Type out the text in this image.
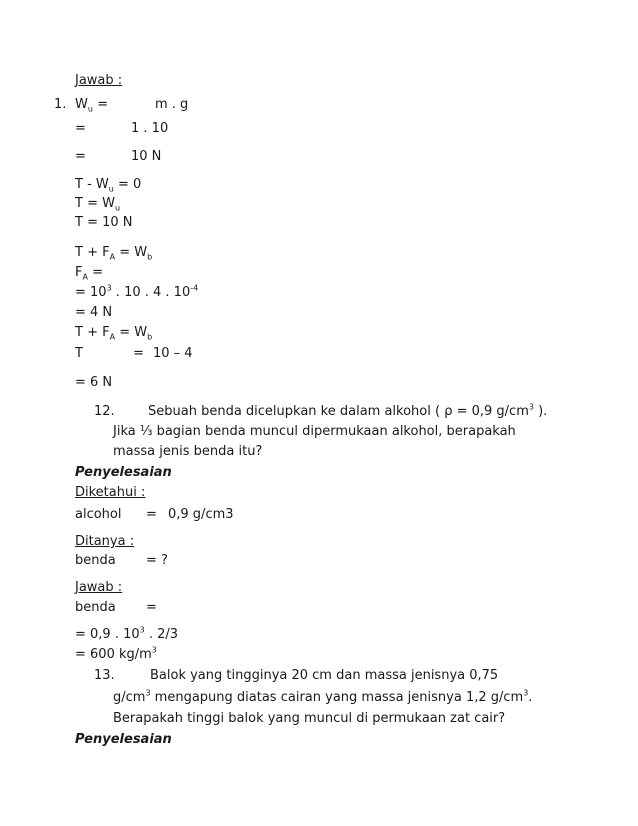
Jawab :
1. $W_u$ =	m . g
=	1 . 10
=	10 N
$T - W_u = 0$
$T = W_u$
T = 10 N
$T + F_A = W_b$
$F_A$ =
= $10^3$ . 10 . 4 . $10^{-4}$
= 4 N
$T + F_A = W_b$
T	= 10 – 4
= 6 N
12.	Sebuah benda dicelupkan ke dalam alkohol ( ρ = 0,9 $g/cm^3$ ).
Jika ⅓ bagian benda muncul dipermukaan alkohol, berapakah
massa jenis benda itu?
Penyelesaian
Diketahui :
alcohol = 0,9 g/cm3
Ditanya :
benda = ?
Jawab :
benda =
= 0,9 . $10^3$ . 2/3
= 600 $kg/m^3$
13.	Balok yang tingginya 20 cm dan massa jenisnya 0,75
$g/cm^3$ mengapung diatas cairan yang massa jenisnya 1,2 $g/cm^3$.
Berapakah tinggi balok yang muncul di permukaan zat cair?
Penyelesaian
